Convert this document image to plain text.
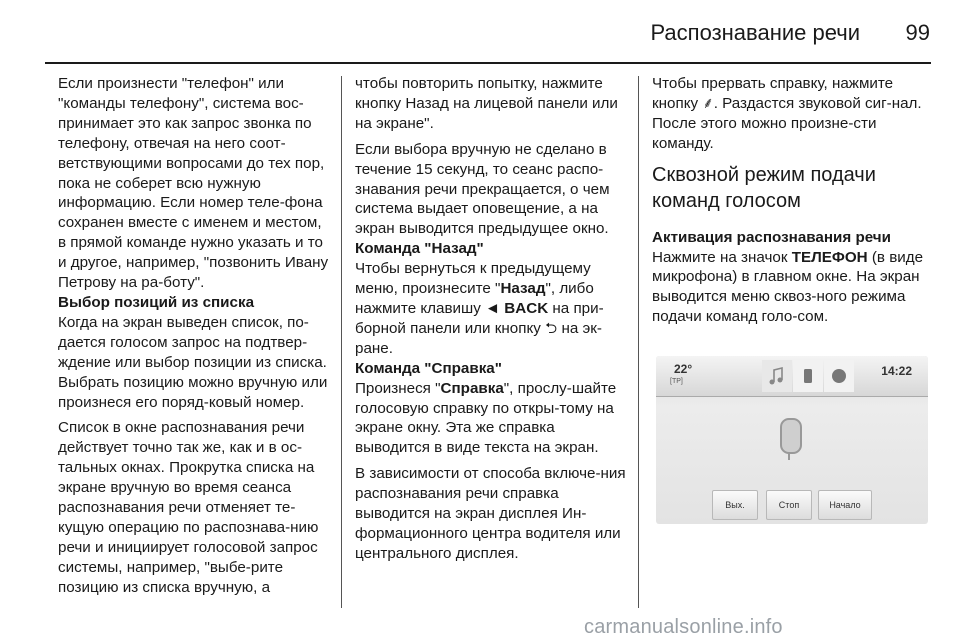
Распознавание речи	99

Если произнести "телефон" или "команды телефону", система вос-принимает это как запрос звонка по телефону, отвечая на него соот-ветствующими вопросами до тех пор, пока не соберет всю нужную информацию. Если номер теле-фона сохранен вместе с именем и местом, в прямой команде нужно указать и то и другое, например, "позвонить Ивану Петрову на ра-боту".

Выбор позиций из списка

Когда на экран выведен список, по-дается голосом запрос на подтвер-ждение или выбор позиции из списка. Выбрать позицию можно вручную или произнеся его поряд-ковый номер.

Список в окне распознавания речи действует точно так же, как и в ос-тальных окнах. Прокрутка списка на экране вручную во время сеанса распознавания речи отменяет те-кущую операцию по распознава-нию речи и инициирует голосовой запрос системы, например, "выбе-рите позицию из списка вручную, а

чтобы повторить попытку, нажмите кнопку Назад на лицевой панели или на экране".

Если выбора вручную не сделано в течение 15 секунд, то сеанс распо-знавания речи прекращается, о чем система выдает оповещение, а на экран выводится предыдущее окно.

Команда "Назад"

Чтобы вернуться к предыдущему меню, произнесите "Назад", либо нажмите клавишу ◄ BACK на при-борной панели или кнопку ⮌ на эк-ране.

Команда "Справка"

Произнеся "Справка", прослу-шайте голосовую справку по откры-тому на экране окну. Эта же справка выводится в виде текста на экран.

В зависимости от способа включе-ния распознавания речи справка выводится на экран дисплея Ин-формационного центра водителя или центрального дисплея.

Чтобы прервать справку, нажмите кнопку ⸙. Раздастся звуковой сиг-нал. После этого можно произне-сти команду.

Сквозной режим подачи команд голосом
Активация распознавания речи

Нажмите на значок ТЕЛЕФОН (в виде микрофона) в главном окне. На экран выводится меню сквоз-ного режима подачи команд голо-сом.

22°
[TP]
14:22
Вых.	Стоп	Начало
carmanualsonline.info
